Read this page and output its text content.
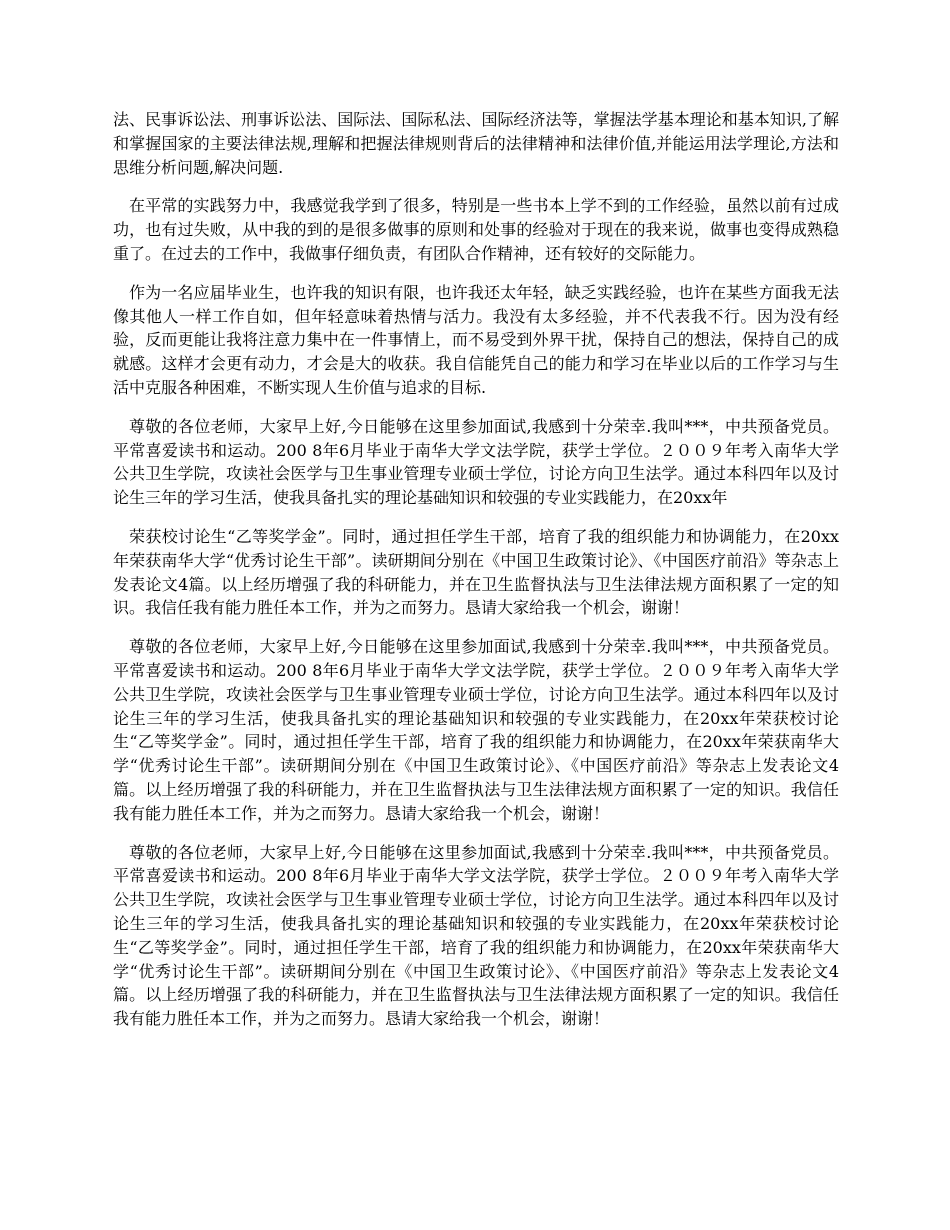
法、民事诉讼法、刑事诉讼法、国际法、国际私法、国际经济法等，掌握法学基本理论和基本知识,了解和掌握国家的主要法律法规,理解和把握法律规则背后的法律精神和法律价值,并能运用法学理论,方法和思维分析问题,解决问题.

在平常的实践努力中，我感觉我学到了很多，特别是一些书本上学不到的工作经验，虽然以前有过成功，也有过失败，从中我的到的是很多做事的原则和处事的经验对于现在的我来说，做事也变得成熟稳重了。在过去的工作中，我做事仔细负责，有团队合作精神，还有较好的交际能力。

作为一名应届毕业生，也许我的知识有限，也许我还太年轻，缺乏实践经验，也许在某些方面我无法像其他人一样工作自如，但年轻意味着热情与活力。我没有太多经验，并不代表我不行。因为没有经验，反而更能让我将注意力集中在一件事情上，而不易受到外界干扰，保持自己的想法，保持自己的成就感。这样才会更有动力，才会是大的收获。我自信能凭自己的能力和学习在毕业以后的工作学习与生活中克服各种困难，不断实现人生价值与追求的目标.

尊敬的各位老师，大家早上好,今日能够在这里参加面试,我感到十分荣幸.我叫***，中共预备党员。平常喜爱读书和运动。200 8年6月毕业于南华大学文法学院，获学士学位。２００９年考入南华大学公共卫生学院，攻读社会医学与卫生事业管理专业硕士学位，讨论方向卫生法学。通过本科四年以及讨论生三年的学习生活，使我具备扎实的理论基础知识和较强的专业实践能力，在20xx年

荣获校讨论生“乙等奖学金”。同时，通过担任学生干部，培育了我的组织能力和协调能力，在20xx年荣获南华大学“优秀讨论生干部”。读研期间分别在《中国卫生政策讨论》、《中国医疗前沿》等杂志上发表论文4篇。以上经历增强了我的科研能力，并在卫生监督执法与卫生法律法规方面积累了一定的知识。我信任我有能力胜任本工作，并为之而努力。恳请大家给我一个机会，谢谢！

尊敬的各位老师，大家早上好,今日能够在这里参加面试,我感到十分荣幸.我叫***，中共预备党员。平常喜爱读书和运动。200 8年6月毕业于南华大学文法学院，获学士学位。２００９年考入南华大学公共卫生学院，攻读社会医学与卫生事业管理专业硕士学位，讨论方向卫生法学。通过本科四年以及讨论生三年的学习生活，使我具备扎实的理论基础知识和较强的专业实践能力，在20xx年荣获校讨论生“乙等奖学金”。同时，通过担任学生干部，培育了我的组织能力和协调能力，在20xx年荣获南华大学“优秀讨论生干部”。读研期间分别在《中国卫生政策讨论》、《中国医疗前沿》等杂志上发表论文4篇。以上经历增强了我的科研能力，并在卫生监督执法与卫生法律法规方面积累了一定的知识。我信任我有能力胜任本工作，并为之而努力。恳请大家给我一个机会，谢谢！

尊敬的各位老师，大家早上好,今日能够在这里参加面试,我感到十分荣幸.我叫***，中共预备党员。平常喜爱读书和运动。200 8年6月毕业于南华大学文法学院，获学士学位。２００９年考入南华大学公共卫生学院，攻读社会医学与卫生事业管理专业硕士学位，讨论方向卫生法学。通过本科四年以及讨论生三年的学习生活，使我具备扎实的理论基础知识和较强的专业实践能力，在20xx年荣获校讨论生“乙等奖学金”。同时，通过担任学生干部，培育了我的组织能力和协调能力，在20xx年荣获南华大学“优秀讨论生干部”。读研期间分别在《中国卫生政策讨论》、《中国医疗前沿》等杂志上发表论文4篇。以上经历增强了我的科研能力，并在卫生监督执法与卫生法律法规方面积累了一定的知识。我信任我有能力胜任本工作，并为之而努力。恳请大家给我一个机会，谢谢！
